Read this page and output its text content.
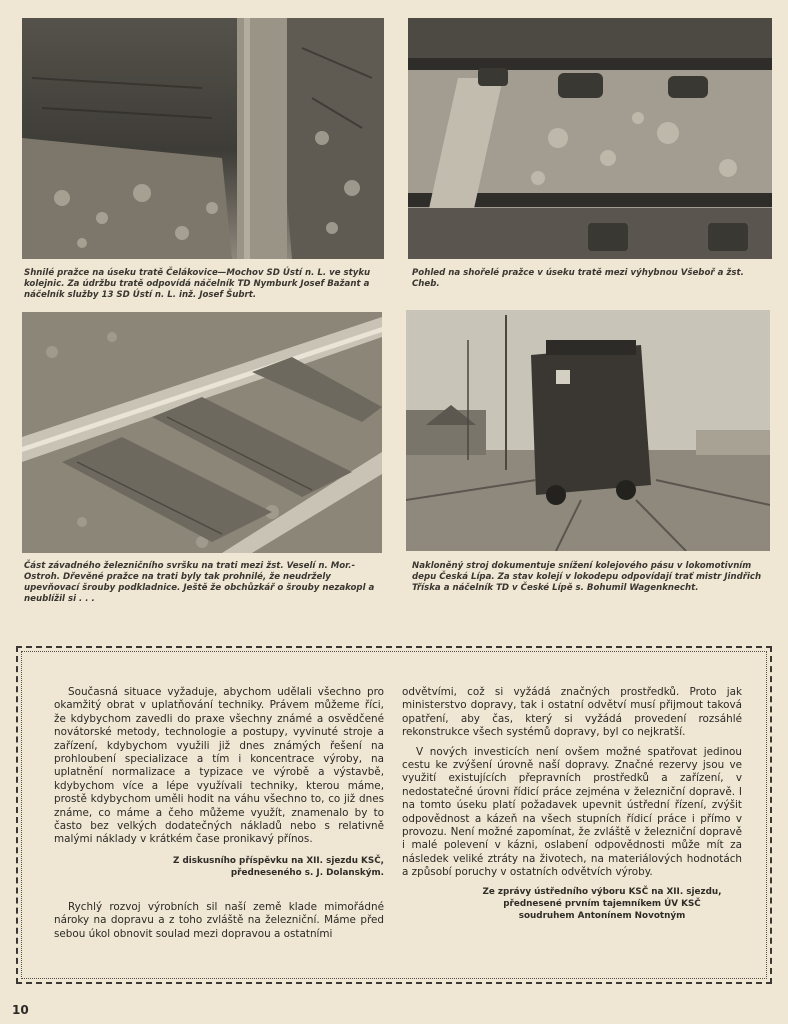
Shnilé pražce na úseku tratě Čelákovice—Mochov SD Ústí n. L. ve styku kolejnic. Za údržbu tratě odpovídá náčelník TD Nymburk Josef Bažant a náčelník služby 13 SD Ústí n. L. inž. Josef Šubrt.

Pohled na shořelé pražce v úseku tratě mezi výhybnou Všeboř a žst. Cheb.

Část závadného železničního svršku na trati mezi žst. Veselí n. Mor.-Ostroh. Dřevěné pražce na trati byly tak prohnilé, že neudržely upevňovací šrouby podkladnice. Ještě že obchůzkář o šrouby nezakopl a neublížil si . . .

Nakloněný stroj dokumentuje snížení kolejového pásu v lokomotivním depu Česká Lípa. Za stav kolejí v lokodepu odpovídají trať mistr Jindřich Tříska a náčelník TD v České Lípě s. Bohumil Wagenknecht.

Současná situace vyžaduje, abychom udělali všechno pro okamžitý obrat v uplatňování techniky. Právem můžeme říci, že kdybychom zavedli do praxe všechny známé a osvědčené novátorské metody, technologie a postupy, vyvinuté stroje a zařízení, kdybychom využili již dnes známých řešení na prohloubení specializace a tím i koncentrace výroby, na uplatnění normalizace a typizace ve výrobě a výstavbě, kdybychom více a lépe využívali techniky, kterou máme, prostě kdybychom uměli hodit na váhu všechno to, co již dnes známe, co máme a čeho můžeme využít, znamenalo by to často bez velkých dodatečných nákladů nebo s relativně malými náklady v krátkém čase pronikavý přínos.

Z diskusního příspěvku na XII. sjezdu KSČ,
předneseného s. J. Dolanským.

Rychlý rozvoj výrobních sil naší země klade mimořádné nároky na dopravu a z toho zvláště na železniční. Máme před sebou úkol obnovit soulad mezi dopravou a ostatními

odvětvími, což si vyžádá značných prostředků. Proto jak ministerstvo dopravy, tak i ostatní odvětví musí přijmout taková opatření, aby čas, který si vyžádá provedení rozsáhlé rekonstrukce všech systémů dopravy, byl co nejkratší.

V nových investicích není ovšem možné spatřovat jedinou cestu ke zvýšení úrovně naší dopravy. Značné rezervy jsou ve využití existujících přepravních prostředků a zařízení, v nedostatečné úrovni řídicí práce zejména v železniční dopravě. I na tomto úseku platí požadavek upevnit ústřední řízení, zvýšit odpovědnost a kázeň na všech stupních řídicí práce i přímo v provozu. Není možné zapomínat, že zvláště v železniční dopravě i malé polevení v kázni, oslabení odpovědnosti může mít za následek veliké ztráty na životech, na materiálových hodnotách a způsobí poruchy v ostatních odvětvích výroby.

Ze zprávy ústředního výboru KSČ na XII. sjezdu,
přednesené prvním tajemníkem ÚV KSČ
soudruhem Antonínem Novotným
10
